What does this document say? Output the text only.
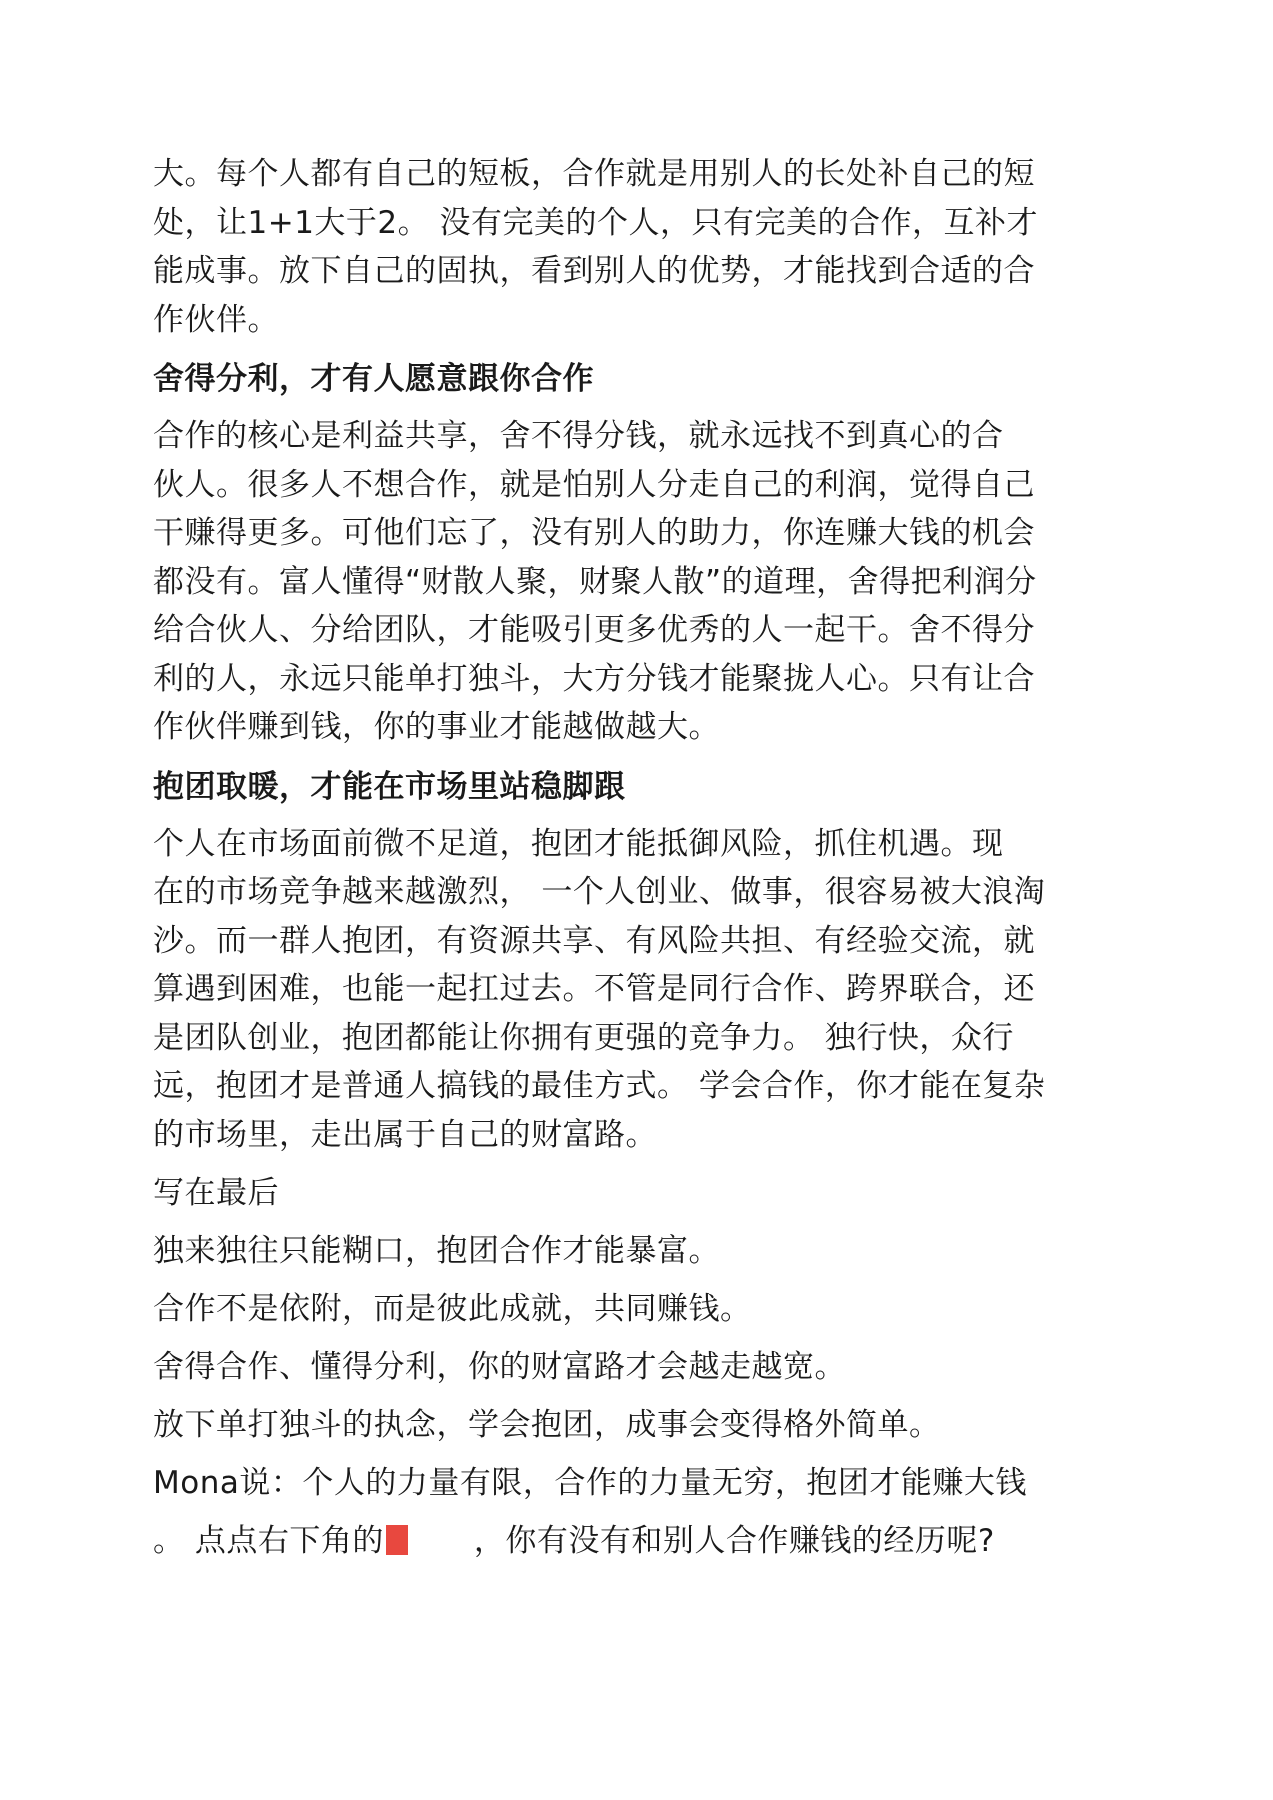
大。每个人都有自己的短板，合作就是用别人的长处补自己的短
处，让1+1大于2。 没有完美的个人，只有完美的合作，互补才
能成事。放下自己的固执，看到别人的优势，才能找到合适的合
作伙伴。

舍得分利，才有人愿意跟你合作

合作的核心是利益共享，舍不得分钱，就永远找不到真心的合
伙人。很多人不想合作，就是怕别人分走自己的利润，觉得自己
干赚得更多。可他们忘了，没有别人的助力，你连赚大钱的机会
都没有。富人懂得“财散人聚，财聚人散”的道理，舍得把利润分
给合伙人、分给团队，才能吸引更多优秀的人一起干。舍不得分
利的人，永远只能单打独斗，大方分钱才能聚拢人心。只有让合
作伙伴赚到钱，你的事业才能越做越大。

抱团取暖，才能在市场里站稳脚跟

个人在市场面前微不足道，抱团才能抵御风险，抓住机遇。现
在的市场竞争越来越激烈， 一个人创业、做事，很容易被大浪淘
沙。而一群人抱团，有资源共享、有风险共担、有经验交流，就
算遇到困难，也能一起扛过去。不管是同行合作、跨界联合，还
是团队创业，抱团都能让你拥有更强的竞争力。 独行快，众行
远，抱团才是普通人搞钱的最佳方式。 学会合作，你才能在复杂
的市场里，走出属于自己的财富路。

写在最后

独来独往只能糊口，抱团合作才能暴富。

合作不是依附，而是彼此成就，共同赚钱。

舍得合作、懂得分利，你的财富路才会越走越宽。

放下单打独斗的执念，学会抱团，成事会变得格外简单。

Mona说：个人的力量有限，合作的力量无穷，抱团才能赚大钱

。 点点右下角的	，你有没有和别人合作赚钱的经历呢?
